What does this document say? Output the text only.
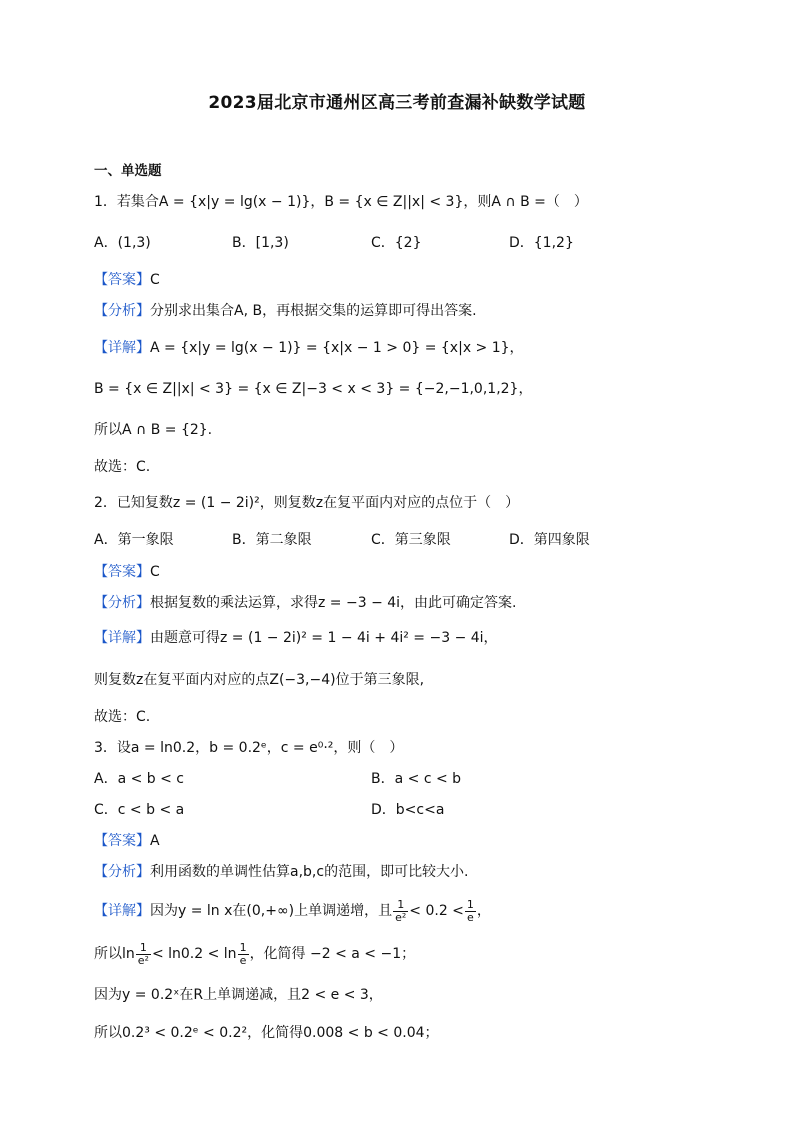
2023届北京市通州区高三考前查漏补缺数学试题
一、单选题
1．若集合A = {x|y = lg(x − 1)}，B = {x ∈ Z||x| < 3}，则A ∩ B =（　）
A．(1,3)	B．[1,3)	C．{2}	D．{1,2}
【答案】C
【分析】分别求出集合A, B，再根据交集的运算即可得出答案.
【详解】A = {x|y = lg(x − 1)} = {x|x − 1 > 0} = {x|x > 1}，
B = {x ∈ Z||x| < 3} = {x ∈ Z|−3 < x < 3} = {−2,−1,0,1,2}，
所以A ∩ B = {2}.
故选：C.
2．已知复数z = (1 − 2i)²，则复数z在复平面内对应的点位于（　）
A．第一象限	B．第二象限	C．第三象限	D．第四象限
【答案】C
【分析】根据复数的乘法运算，求得z = −3 − 4i，由此可确定答案.
【详解】由题意可得z = (1 − 2i)² = 1 − 4i + 4i² = −3 − 4i，
则复数z在复平面内对应的点Z(−3,−4)位于第三象限,
故选：C.
3．设a = ln0.2，b = 0.2ᵉ，c = e⁰·²，则（　）
A．a < b < c	B．a < c < b
C．c < b < a	D．b<c<a
【答案】A
【分析】利用函数的单调性估算a,b,c的范围，即可比较大小.
【详解】因为y = ln x在(0,+∞)上单调递增，且 $\frac{1}{\text{e²}} < 0.2 < \frac{1}{e}$ ，
所以$\ln \frac{1}{\text{e²}} < \ln 0.2 < \ln \frac{1}{e}$ ，化简得 −2 < a < −1；
因为y = 0.2ˣ在R上单调递减，且2 < e < 3，
所以0.2³ < 0.2ᵉ < 0.2²，化简得0.008 < b < 0.04；
